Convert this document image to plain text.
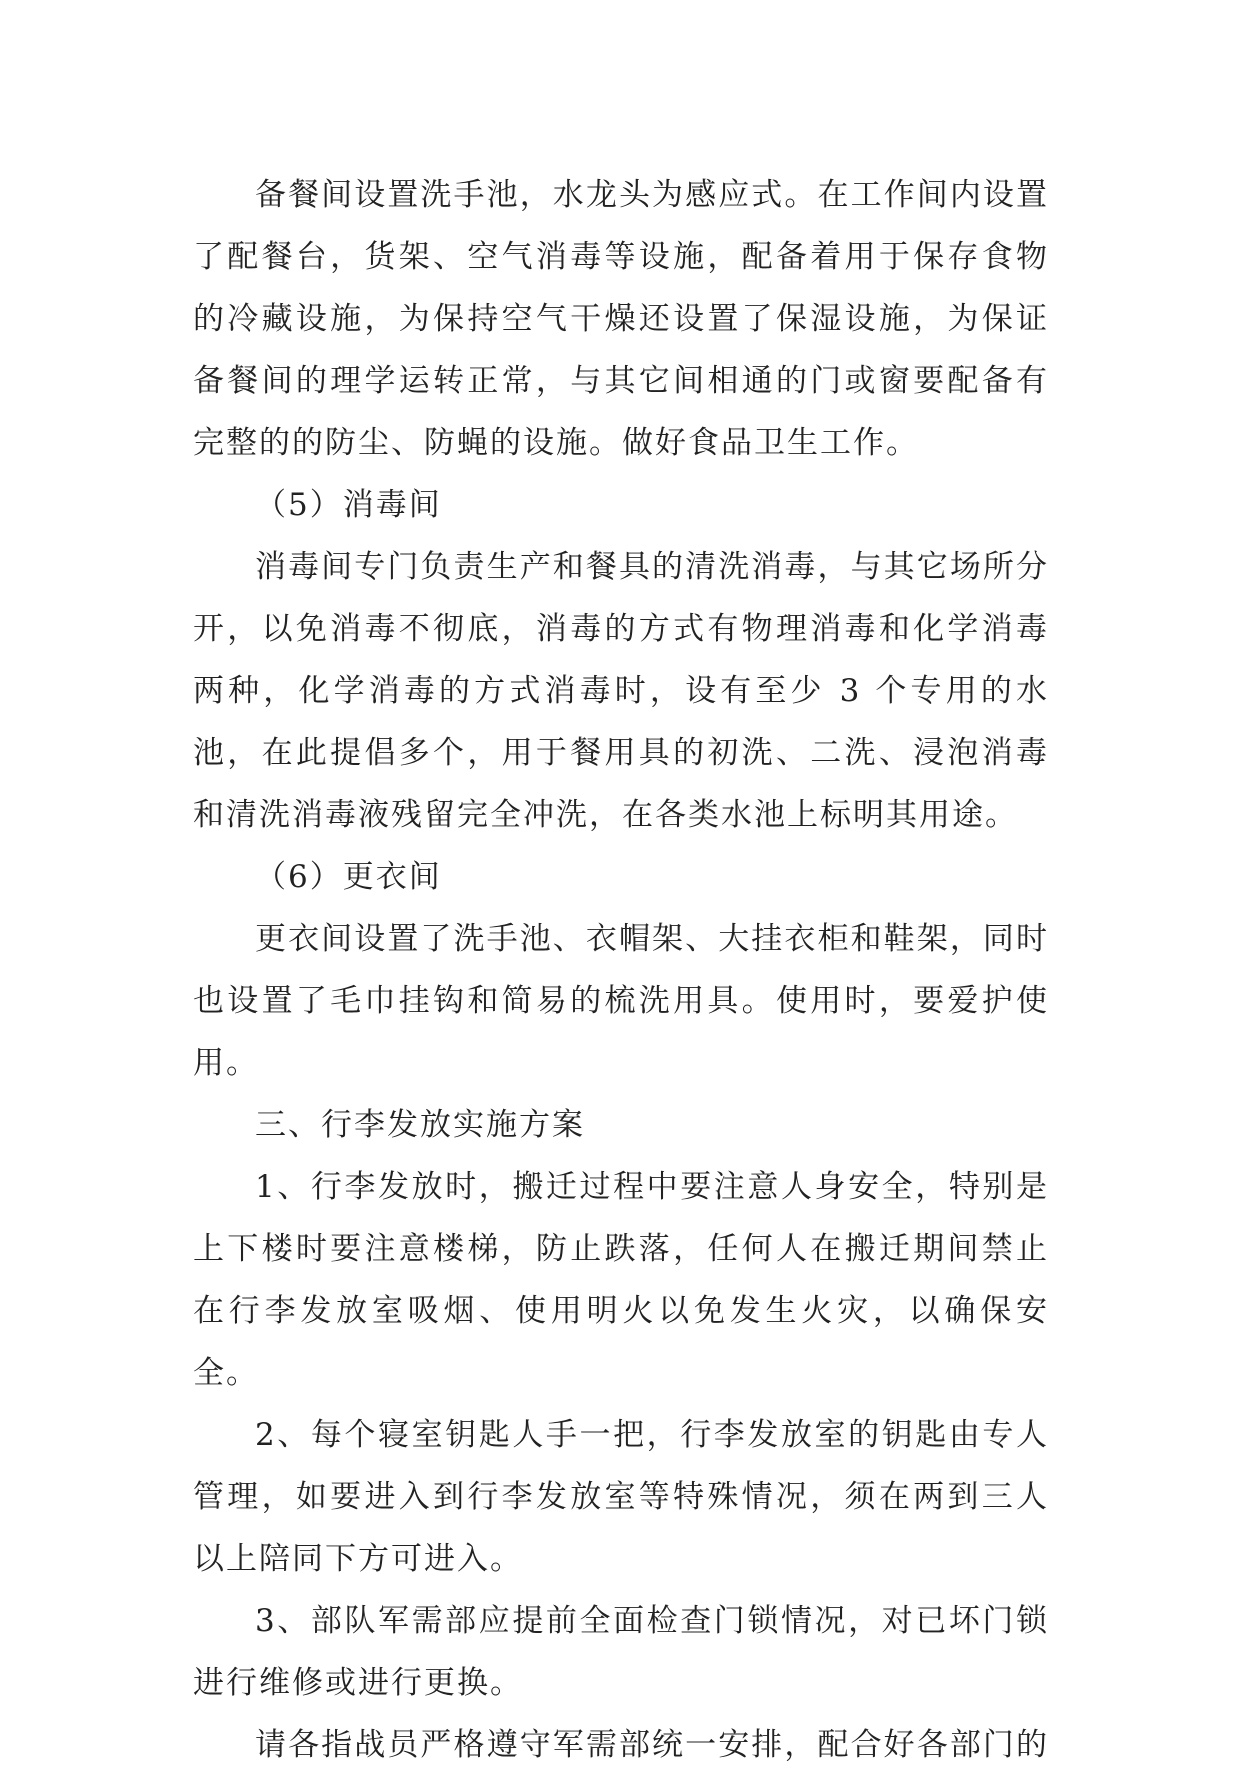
备餐间设置洗手池，水龙头为感应式。在工作间内设置了配餐台，货架、空气消毒等设施，配备着用于保存食物的冷藏设施，为保持空气干燥还设置了保湿设施，为保证备餐间的理学运转正常，与其它间相通的门或窗要配备有完整的的防尘、防蝇的设施。做好食品卫生工作。

（5）消毒间

消毒间专门负责生产和餐具的清洗消毒，与其它场所分开，以免消毒不彻底，消毒的方式有物理消毒和化学消毒两种，化学消毒的方式消毒时，设有至少 3 个专用的水池，在此提倡多个，用于餐用具的初洗、二洗、浸泡消毒和清洗消毒液残留完全冲洗，在各类水池上标明其用途。

（6）更衣间

更衣间设置了洗手池、衣帽架、大挂衣柜和鞋架，同时也设置了毛巾挂钩和简易的梳洗用具。使用时，要爱护使用。

三、行李发放实施方案

1、行李发放时，搬迁过程中要注意人身安全，特别是上下楼时要注意楼梯，防止跌落，任何人在搬迁期间禁止在行李发放室吸烟、使用明火以免发生火灾，以确保安全。

2、每个寝室钥匙人手一把，行李发放室的钥匙由专人管理，如要进入到行李发放室等特殊情况，须在两到三人以上陪同下方可进入。

3、部队军需部应提前全面检查门锁情况，对已坏门锁进行维修或进行更换。

请各指战员严格遵守军需部统一安排，配合好各部门的
